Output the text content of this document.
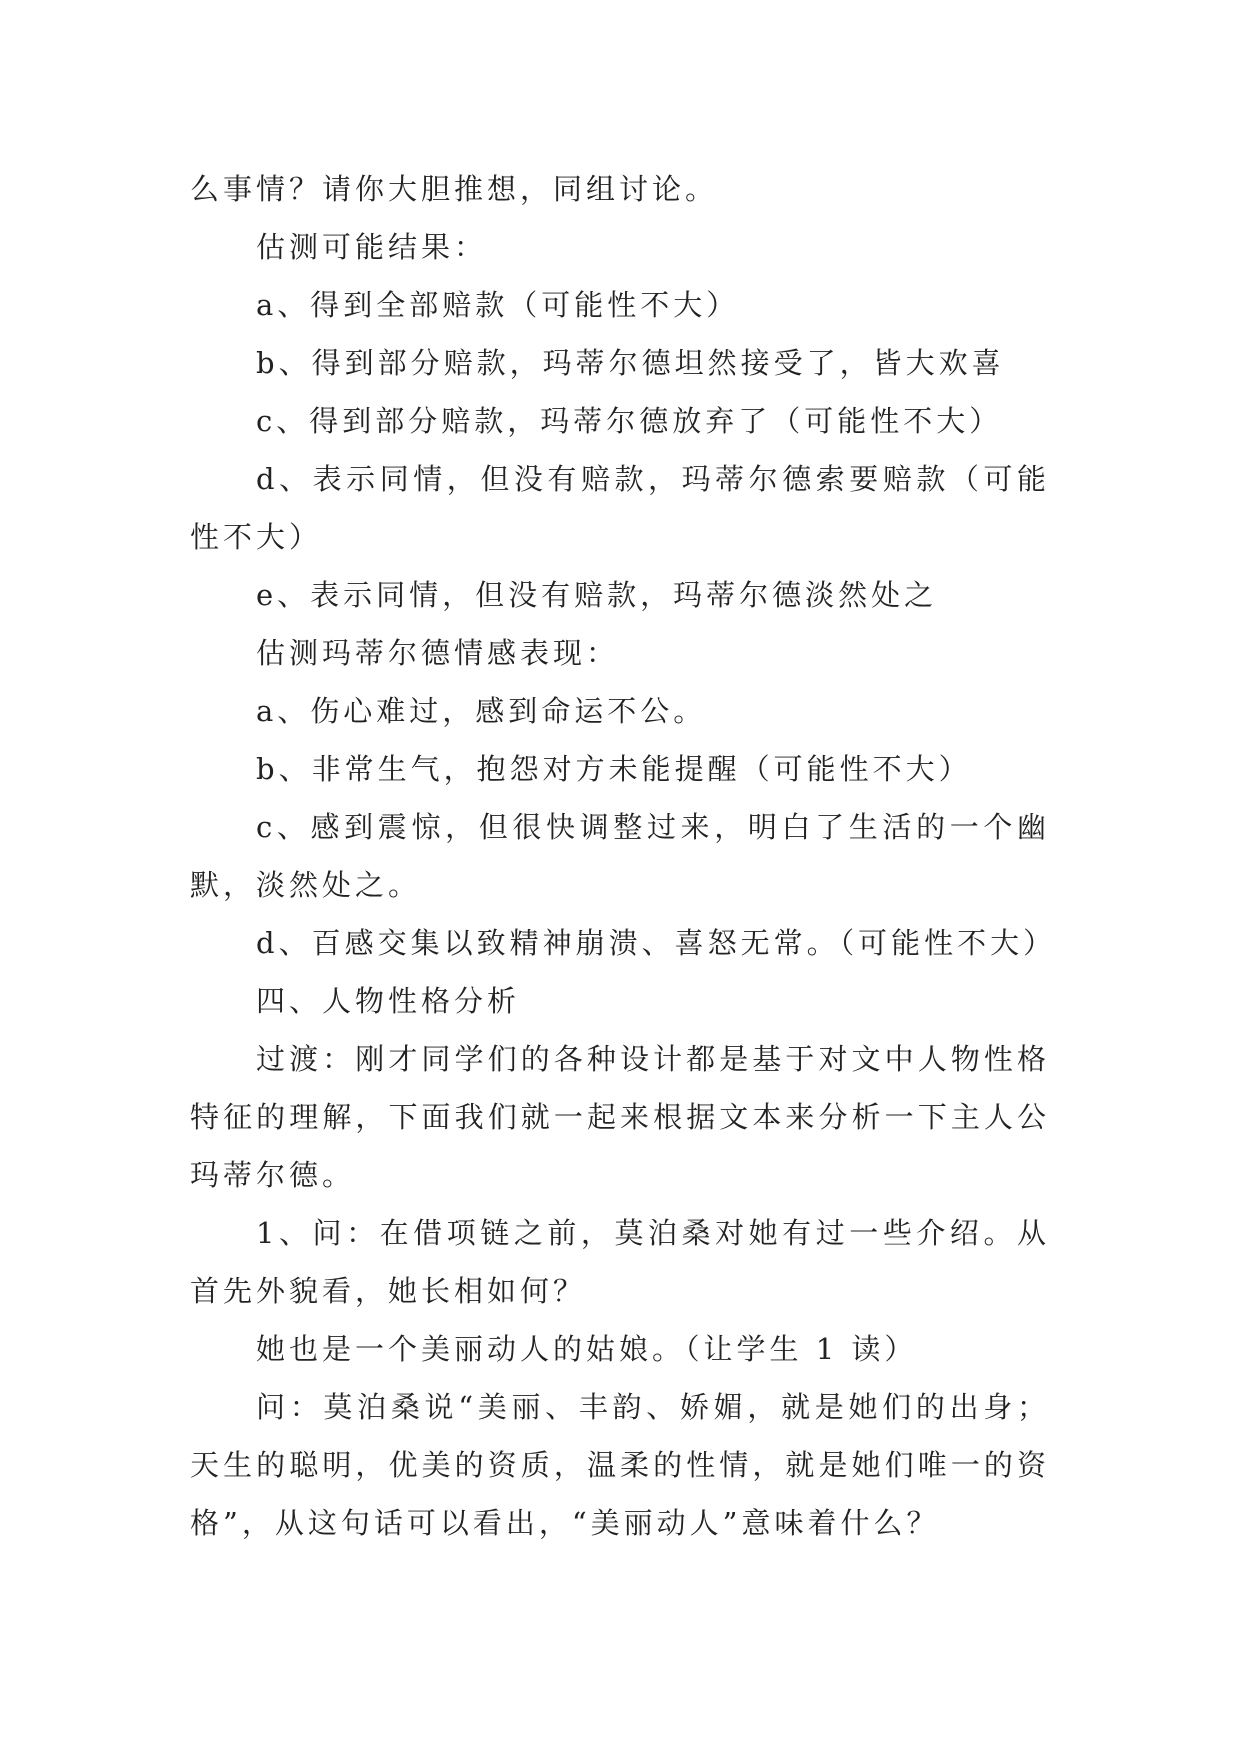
么事情？请你大胆推想，同组讨论。

估测可能结果：

a、得到全部赔款（可能性不大）

b、得到部分赔款，玛蒂尔德坦然接受了，皆大欢喜

c、得到部分赔款，玛蒂尔德放弃了（可能性不大）

d、表示同情，但没有赔款，玛蒂尔德索要赔款（可能性不大）

e、表示同情，但没有赔款，玛蒂尔德淡然处之

估测玛蒂尔德情感表现：

a、伤心难过，感到命运不公。

b、非常生气，抱怨对方未能提醒（可能性不大）

c、感到震惊，但很快调整过来，明白了生活的一个幽默，淡然处之。

d、百感交集以致精神崩溃、喜怒无常。（可能性不大）

四、人物性格分析

过渡：刚才同学们的各种设计都是基于对文中人物性格特征的理解，下面我们就一起来根据文本来分析一下主人公玛蒂尔德。

1、问：在借项链之前，莫泊桑对她有过一些介绍。从首先外貌看，她长相如何？

她也是一个美丽动人的姑娘。（让学生 1 读）

问：莫泊桑说“美丽、丰韵、娇媚，就是她们的出身；天生的聪明，优美的资质，温柔的性情，就是她们唯一的资格”，从这句话可以看出，“美丽动人”意味着什么？
